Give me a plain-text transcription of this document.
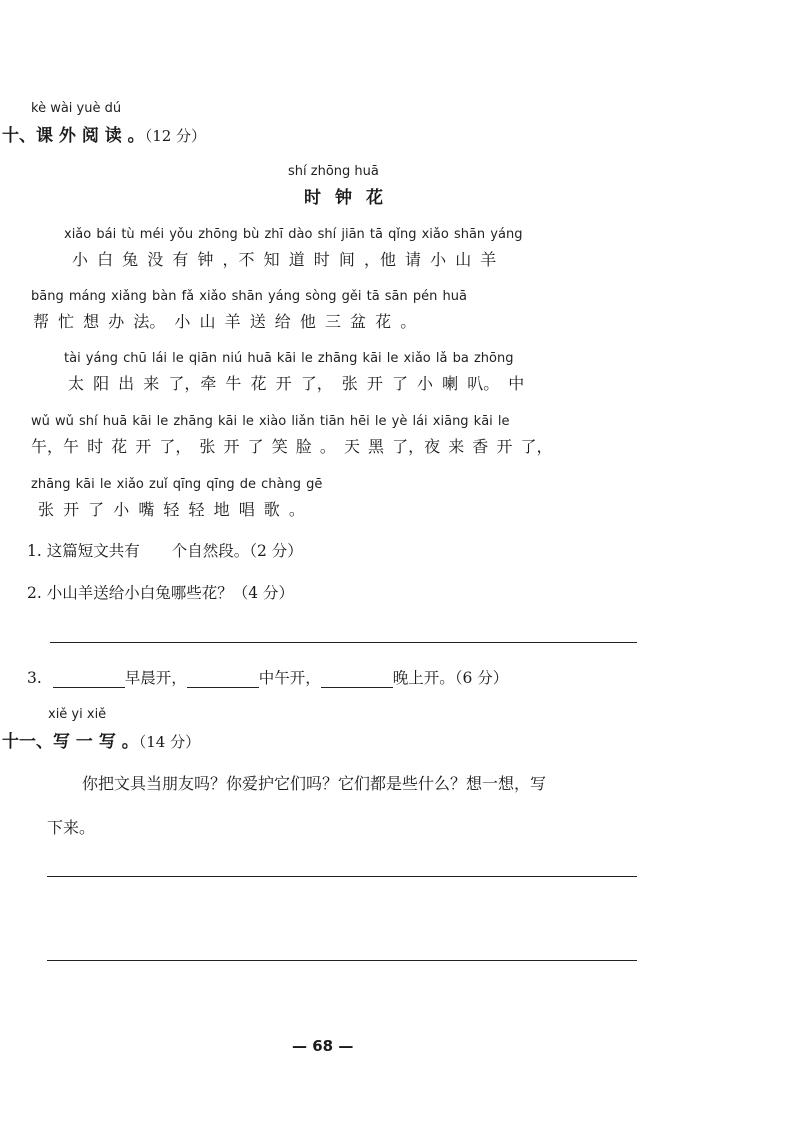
kè wài yuè dú
十、课 外 阅 读 。（12 分）
shí zhōng huā
时钟花
xiǎo bái tù méi yǒu zhōng bù zhī dào shí jiān tā qǐng xiǎo shān yáng
小 白 兔 没 有 钟 ，不 知 道 时 间 ，他 请 小 山 羊
bāng máng xiǎng bàn fǎ xiǎo shān yáng sòng gěi tā sān pén huā
帮 忙 想 办 法。 小 山 羊 送 给 他 三 盆 花 。
tài yáng chū lái le qiān niú huā kāi le zhāng kāi le xiǎo lǎ ba zhōng
太 阳 出 来 了，牵 牛 花 开 了， 张 开 了 小 喇 叭。 中
wǔ wǔ shí huā kāi le zhāng kāi le xiào liǎn tiān hēi le yè lái xiāng kāi le
午，午 时 花 开 了， 张 开 了 笑 脸 。 天 黑 了，夜 来 香 开 了，
zhāng kāi le xiǎo zuǐ qīng qīng de chàng gē
张 开 了 小 嘴 轻 轻 地 唱 歌 。
1. 这篇短文共有 个自然段。（2 分）
2. 小山羊送给小白兔哪些花？（4 分）
3.	早晨开，	中午开，	晚上开。（6 分）
xiě yi xiě
十一、写 一 写 。（14 分）
你把文具当朋友吗？你爱护它们吗？它们都是些什么？想一想，写
下来。
— 68 —
